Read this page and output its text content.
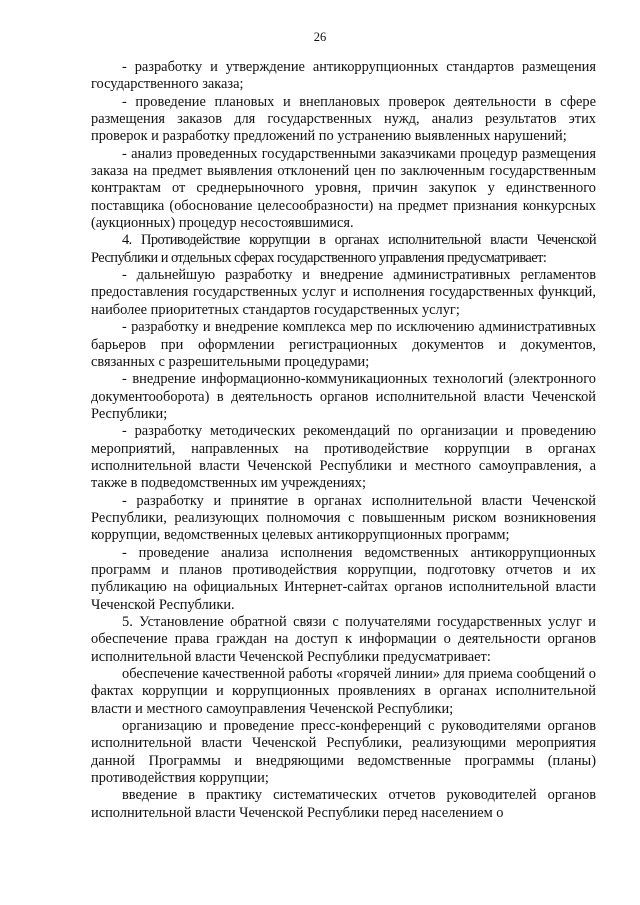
26

- разработку и утверждение антикоррупционных стандартов размещения государственного заказа;

- проведение плановых и внеплановых проверок деятельности в сфере размещения заказов для государственных нужд, анализ результатов этих проверок и разработку предложений по устранению выявленных нарушений;

- анализ проведенных государственными заказчиками процедур размещения заказа на предмет выявления отклонений цен по заключенным государственным контрактам от среднерыночного уровня, причин закупок у единственного поставщика (обоснование целесообразности) на предмет признания конкурсных (аукционных) процедур несостоявшимися.

4. Противодействие коррупции в органах исполнительной власти Чеченской Республики и отдельных сферах государственного управления предусматривает:

- дальнейшую разработку и внедрение административных регламентов предоставления государственных услуг и исполнения государственных функций, наиболее приоритетных стандартов государственных услуг;

- разработку и внедрение комплекса мер по исключению административных барьеров при оформлении регистрационных документов и документов, связанных с разрешительными процедурами;

- внедрение информационно-коммуникационных технологий (электронного документооборота) в деятельность органов исполнительной власти Чеченской Республики;

- разработку методических рекомендаций по организации и проведению мероприятий, направленных на противодействие коррупции в органах исполнительной власти Чеченской Республики и местного самоуправления, а также в подведомственных им учреждениях;

- разработку и принятие в органах исполнительной власти Чеченской Республики, реализующих полномочия с повышенным риском возникновения коррупции, ведомственных целевых антикоррупционных программ;

- проведение анализа исполнения ведомственных антикоррупционных программ и планов противодействия коррупции, подготовку отчетов и их публикацию на официальных Интернет-сайтах органов исполнительной власти Чеченской Республики.

5. Установление обратной связи с получателями государственных услуг и обеспечение права граждан на доступ к информации о деятельности органов исполнительной власти Чеченской Республики предусматривает:

обеспечение качественной работы «горячей линии» для приема сообщений о фактах коррупции и коррупционных проявлениях в органах исполнительной власти и местного самоуправления Чеченской Республики;

организацию и проведение пресс-конференций с руководителями органов исполнительной власти Чеченской Республики, реализующими мероприятия данной Программы и внедряющими ведомственные программы (планы) противодействия коррупции;

введение в практику систематических отчетов руководителей органов исполнительной власти Чеченской Республики перед населением о
